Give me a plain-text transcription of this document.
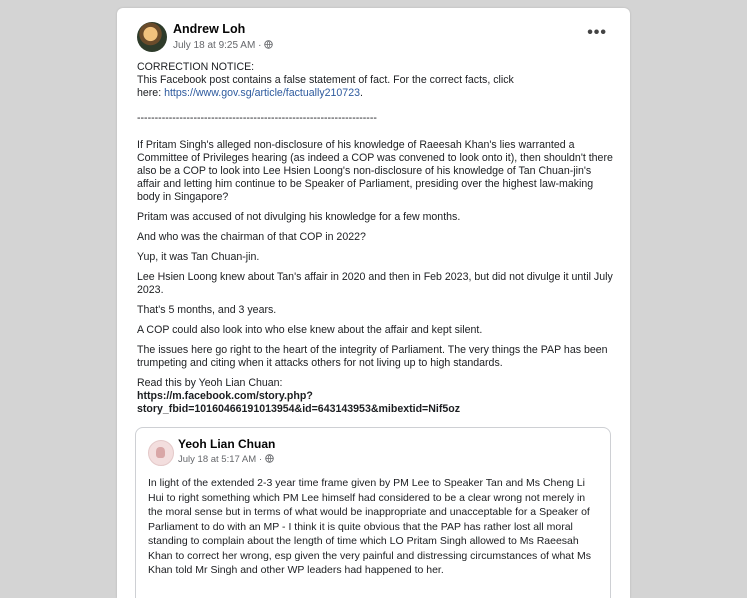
Andrew Loh
July 18 at 9:25 AM ·
•••

CORRECTION NOTICE:
This Facebook post contains a false statement of fact. For the correct facts, click
here: https://www.gov.sg/article/factually210723.

--------------------------------------------------------------------

If Pritam Singh's alleged non-disclosure of his knowledge of Raeesah Khan's lies warranted a Committee of Privileges hearing (as indeed a COP was convened to look onto it), then shouldn't there also be a COP to look into Lee Hsien Loong's non-disclosure of his knowledge of Tan Chuan-jin's affair and letting him continue to be Speaker of Parliament, presiding over the highest law-making body in Singapore?

Pritam was accused of not divulging his knowledge for a few months.

And who was the chairman of that COP in 2022?

Yup, it was Tan Chuan-jin.

Lee Hsien Loong knew about Tan's affair in 2020 and then in Feb 2023, but did not divulge it until July 2023.

That's 5 months, and 3 years.

A COP could also look into who else knew about the affair and kept silent.

The issues here go right to the heart of the integrity of Parliament. The very things the PAP has been trumpeting and citing when it attacks others for not living up to high standards.

Read this by Yeoh Lian Chuan:
https://m.facebook.com/story.php?
story_fbid=10160466191013954&id=643143953&mibextid=Nif5oz

Yeoh Lian Chuan
July 18 at 5:17 AM ·
In light of the extended 2-3 year time frame given by PM Lee to Speaker Tan and Ms Cheng Li Hui to right something which PM Lee himself had considered to be a clear wrong not merely in the moral sense but in terms of what would be inappropriate and unacceptable for a Speaker of Parliament to do with an MP - I think it is quite obvious that the PAP has rather lost all moral standing to complain about the length of time which LO Pritam Singh allowed to Ms Raeesah Khan to correct her wrong, esp given the very painful and distressing circumstances of what Ms Khan told Mr Singh and other WP leaders had happened to her.
